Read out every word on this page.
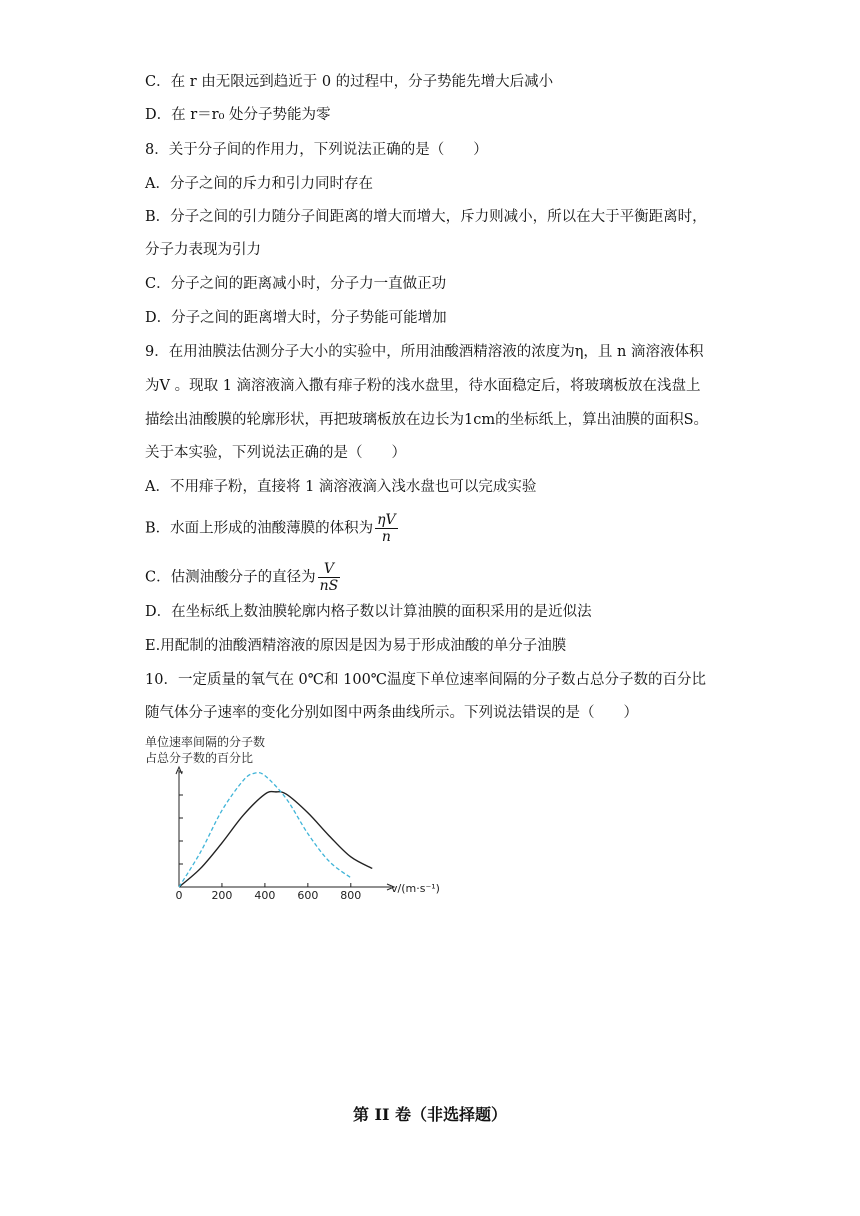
C．在 r 由无限远到趋近于 0 的过程中，分子势能先增大后减小
D．在 r＝r₀ 处分子势能为零
8．关于分子间的作用力，下列说法正确的是（　　）
A．分子之间的斥力和引力同时存在
B．分子之间的引力随分子间距离的增大而增大，斥力则减小，所以在大于平衡距离时，
分子力表现为引力
C．分子之间的距离减小时，分子力一直做正功
D．分子之间的距离增大时，分子势能可能增加
9．在用油膜法估测分子大小的实验中，所用油酸酒精溶液的浓度为η，且 n 滴溶液体积
为V 。现取 1 滴溶液滴入撒有痱子粉的浅水盘里，待水面稳定后，将玻璃板放在浅盘上
描绘出油酸膜的轮廓形状，再把玻璃板放在边长为1cm的坐标纸上，算出油膜的面积S。
关于本实验，下列说法正确的是（　　）
A．不用痱子粉，直接将 1 滴溶液滴入浅水盘也可以完成实验
B．水面上形成的油酸薄膜的体积为 $\frac{\eta V}{n}$
C．估测油酸分子的直径为 $\frac{V}{nS}$
D．在坐标纸上数油膜轮廓内格子数以计算油膜的面积采用的是近似法
E.用配制的油酸酒精溶液的原因是因为易于形成油酸的单分子油膜
10．一定质量的氧气在 0℃和 100℃温度下单位速率间隔的分子数占总分子数的百分比
随气体分子速率的变化分别如图中两条曲线所示。下列说法错误的是（　　）
单位速率间隔的分子数
占总分子数的百分比
0	200 400 600 800
v/(m·s⁻¹)
第 II 卷（非选择题）
